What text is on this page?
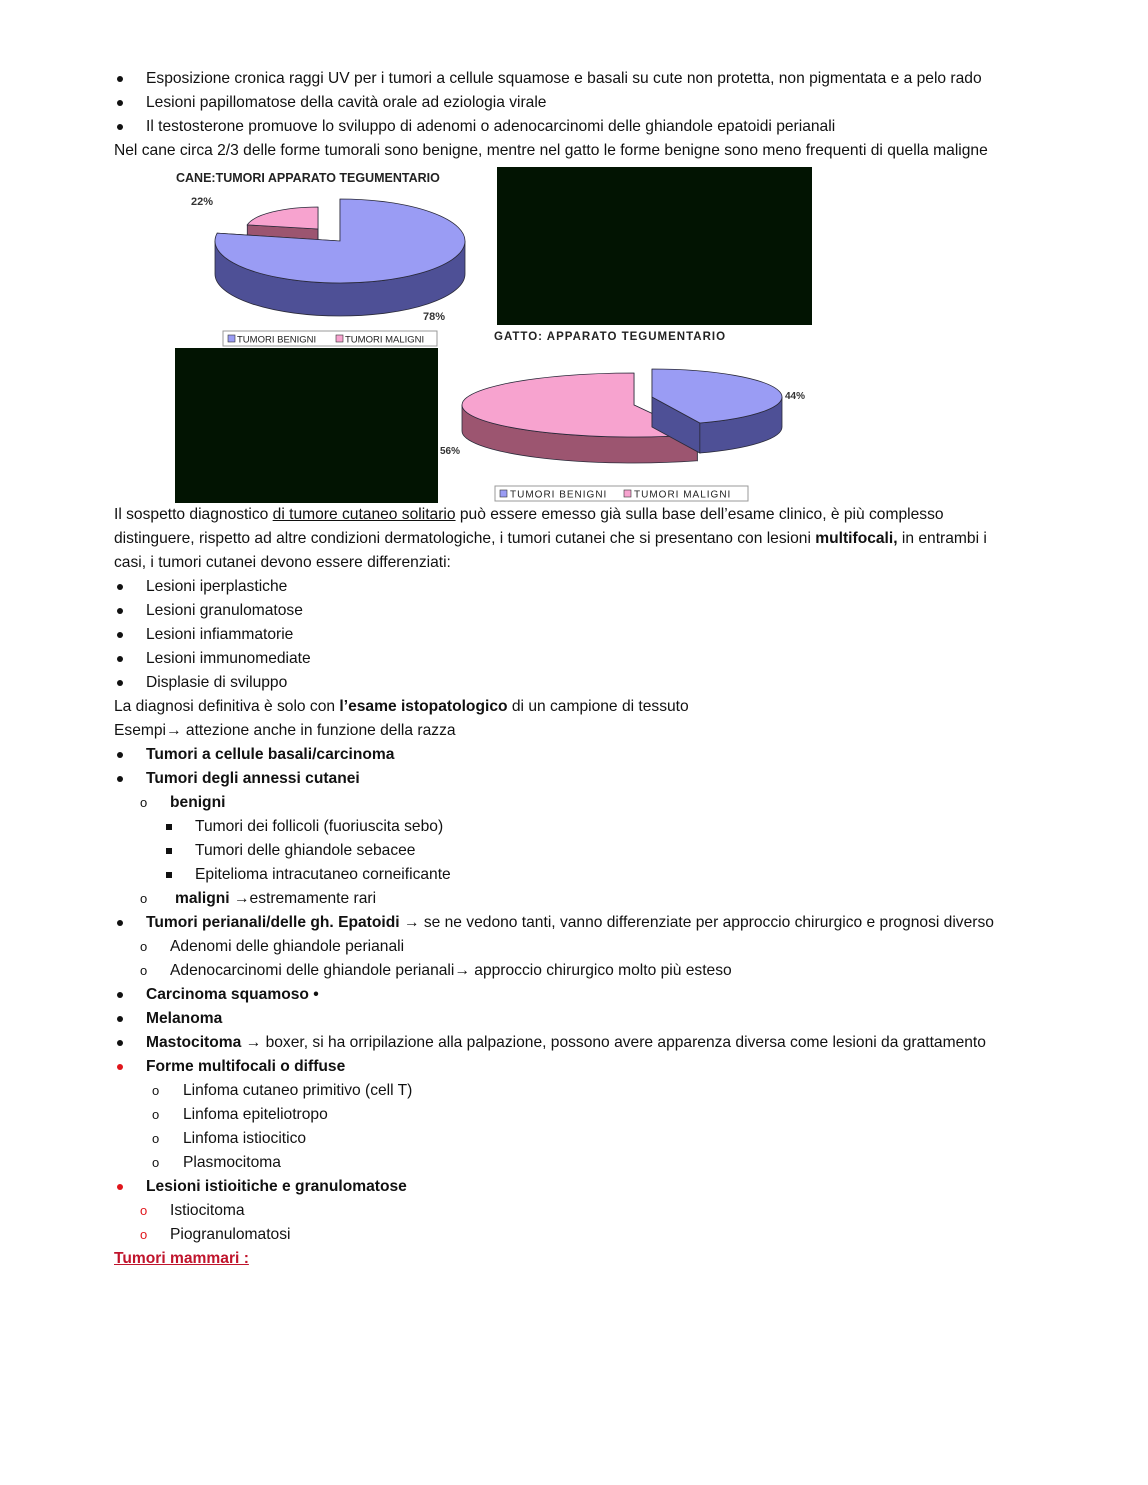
Esposizione cronica raggi UV per i tumori a cellule squamose e basali su cute non protetta, non pigmentata e a pelo rado
Lesioni papillomatose della cavità orale ad eziologia virale
Il testosterone promuove lo sviluppo di adenomi o adenocarcinomi delle ghiandole epatoidi perianali

Nel cane circa 2/3 delle forme tumorali sono benigne, mentre nel gatto le forme benigne sono meno frequenti di quella maligne

CANE:TUMORI APPARATO TEGUMENTARIO
22%
78%
TUMORI BENIGNI	TUMORI MALIGNI	GATTO: APPARATO TEGUMENTARIO
44%
56%
TUMORI BENIGNI	TUMORI MALIGNI

Il sospetto diagnostico di tumore cutaneo solitario può essere emesso già sulla base dell’esame clinico, è più complesso distinguere, rispetto ad altre condizioni dermatologiche, i tumori cutanei che si presentano con lesioni multifocali, in entrambi i casi, i tumori cutanei devono essere differenziati:

Lesioni iperplastiche
Lesioni granulomatose
Lesioni infiammatorie
Lesioni immunomediate
Displasie di sviluppo

La diagnosi definitiva è solo con l’esame istopatologico di un campione di tessuto

Esempi→ attezione anche in funzione della razza

Tumori a cellule basali/carcinoma
Tumori degli annessi cutanei
o benigni
Tumori dei follicoli (fuoriuscita sebo)
Tumori delle ghiandole sebacee
Epitelioma intracutaneo corneificante
o maligni →estremamente rari
Tumori perianali/delle gh. Epatoidi → se ne vedono tanti, vanno differenziate per approccio chirurgico e prognosi diverso
o Adenomi delle ghiandole perianali
o Adenocarcinomi delle ghiandole perianali→ approccio chirurgico molto più esteso
Carcinoma squamoso •
Melanoma
Mastocitoma → boxer, si ha orripilazione alla palpazione, possono avere apparenza diversa come lesioni da grattamento
Forme multifocali o diffuse
o Linfoma cutaneo primitivo (cell T)
o Linfoma epiteliotropo
o Linfoma istiocitico
o Plasmocitoma
Lesioni istioitiche e granulomatose
o Istiocitoma
o Piogranulomatosi

Tumori mammari :
